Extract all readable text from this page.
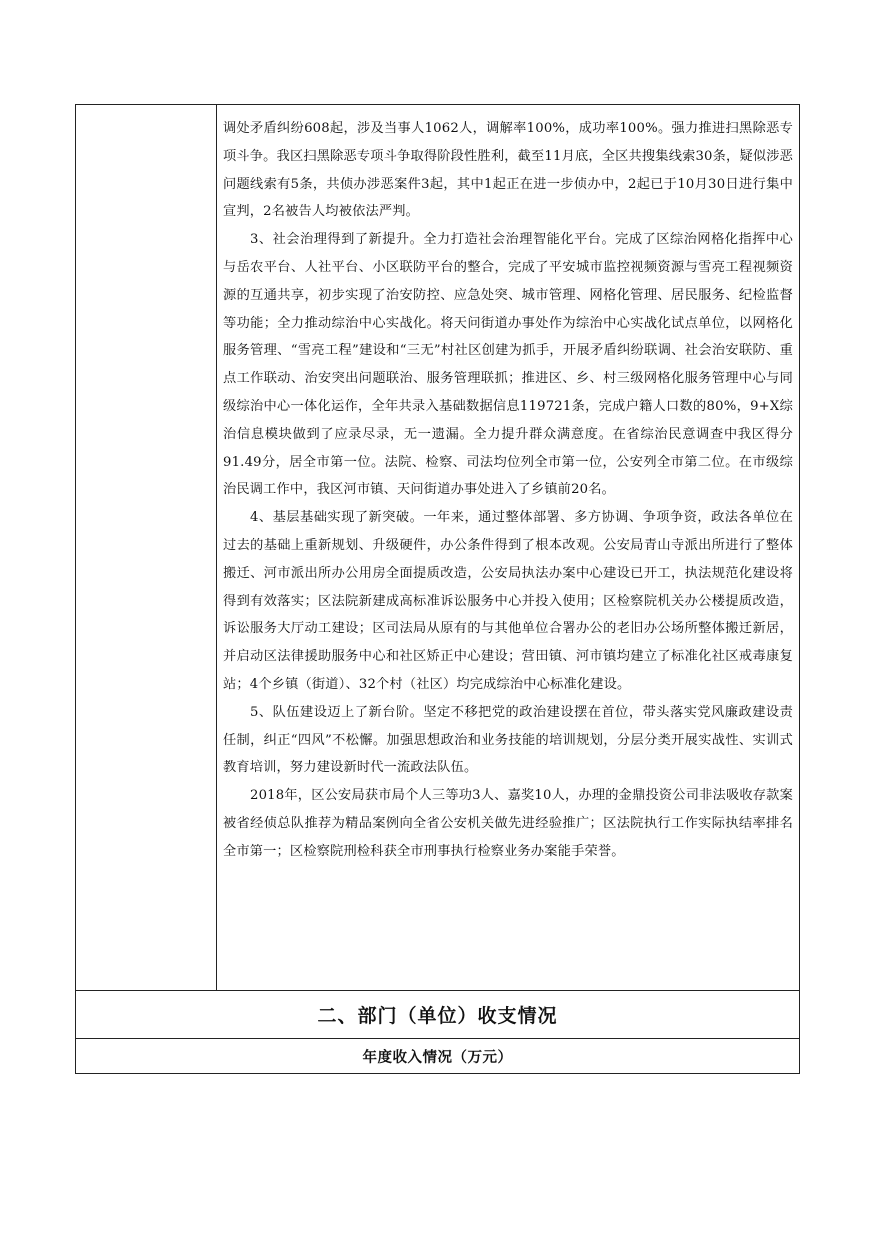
调处矛盾纠纷608起，涉及当事人1062人，调解率100%，成功率100%。强力推进扫黑除恶专项斗争。我区扫黑除恶专项斗争取得阶段性胜利，截至11月底，全区共搜集线索30条，疑似涉恶问题线索有5条，共侦办涉恶案件3起，其中1起正在进一步侦办中，2起已于10月30日进行集中宣判，2名被告人均被依法严判。

3、社会治理得到了新提升。全力打造社会治理智能化平台。完成了区综治网格化指挥中心与岳农平台、人社平台、小区联防平台的整合，完成了平安城市监控视频资源与雪亮工程视频资源的互通共享，初步实现了治安防控、应急处突、城市管理、网格化管理、居民服务、纪检监督等功能；全力推动综治中心实战化。将天问街道办事处作为综治中心实战化试点单位，以网格化服务管理、“雪亮工程”建设和“三无”村社区创建为抓手，开展矛盾纠纷联调、社会治安联防、重点工作联动、治安突出问题联治、服务管理联抓；推进区、乡、村三级网格化服务管理中心与同级综治中心一体化运作，全年共录入基础数据信息119721条，完成户籍人口数的80%，9+X综治信息模块做到了应录尽录，无一遗漏。全力提升群众满意度。在省综治民意调查中我区得分91.49分，居全市第一位。法院、检察、司法均位列全市第一位，公安列全市第二位。在市级综治民调工作中，我区河市镇、天问街道办事处进入了乡镇前20名。

4、基层基础实现了新突破。一年来，通过整体部署、多方协调、争项争资，政法各单位在过去的基础上重新规划、升级硬件，办公条件得到了根本改观。公安局青山寺派出所进行了整体搬迁、河市派出所办公用房全面提质改造，公安局执法办案中心建设已开工，执法规范化建设将得到有效落实；区法院新建成高标准诉讼服务中心并投入使用；区检察院机关办公楼提质改造，诉讼服务大厅动工建设；区司法局从原有的与其他单位合署办公的老旧办公场所整体搬迁新居，并启动区法律援助服务中心和社区矫正中心建设；营田镇、河市镇均建立了标准化社区戒毒康复站；4个乡镇（街道）、32个村（社区）均完成综治中心标准化建设。

5、队伍建设迈上了新台阶。坚定不移把党的政治建设摆在首位，带头落实党风廉政建设责任制，纠正“四风”不松懈。加强思想政治和业务技能的培训规划，分层分类开展实战性、实训式教育培训，努力建设新时代一流政法队伍。

2018年，区公安局获市局个人三等功3人、嘉奖10人，办理的金鼎投资公司非法吸收存款案被省经侦总队推荐为精品案例向全省公安机关做先进经验推广；区法院执行工作实际执结率排名全市第一；区检察院刑检科获全市刑事执行检察业务办案能手荣誉。

二、部门（单位）收支情况
年度收入情况（万元）
